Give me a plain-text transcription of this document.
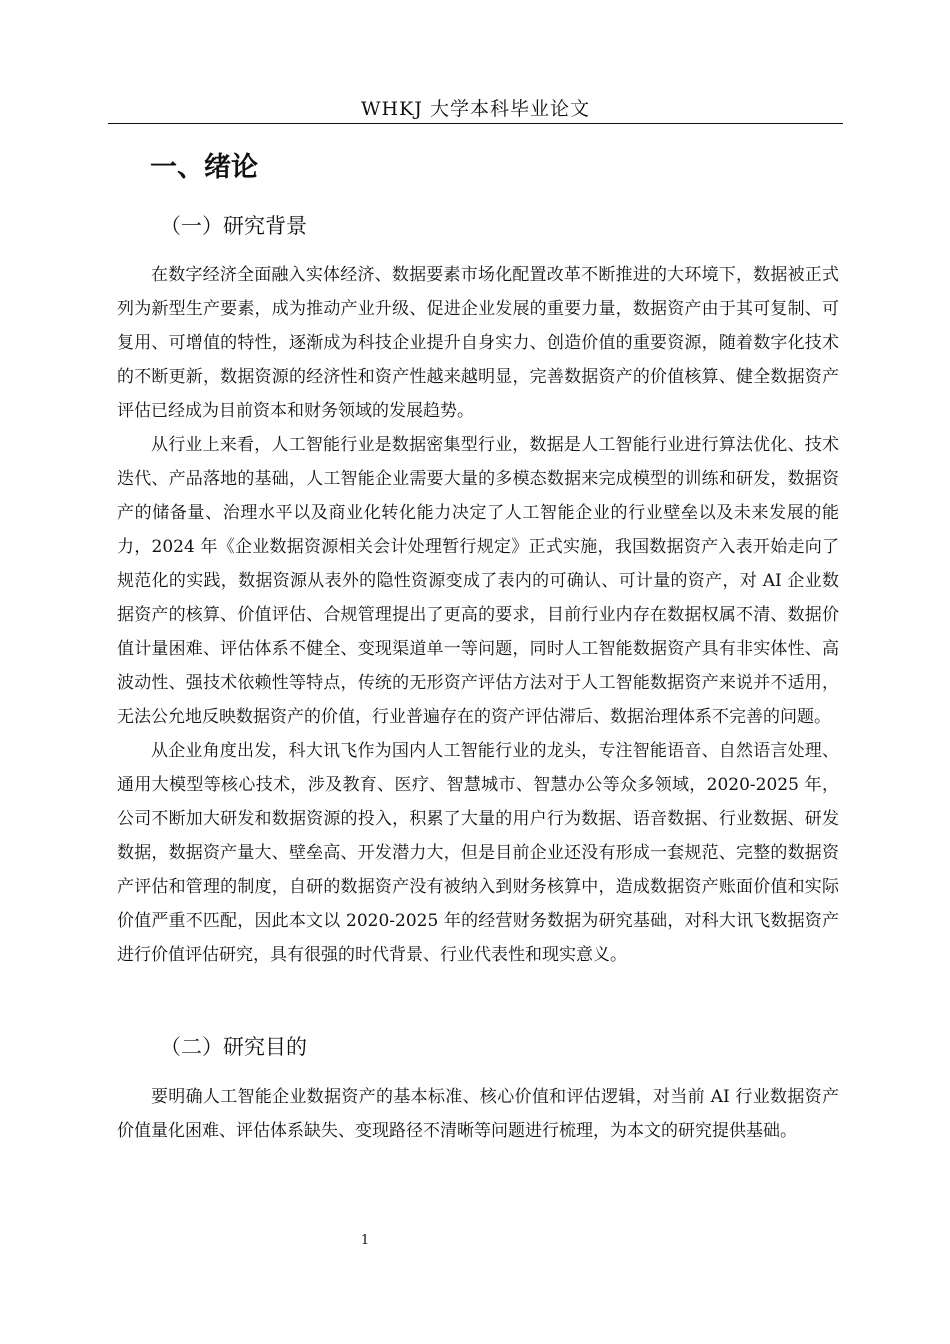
WHKJ 大学本科毕业论文
一、绪论
（一）研究背景

在数字经济全面融入实体经济、数据要素市场化配置改革不断推进的大环境下，数据被正式列为新型生产要素，成为推动产业升级、促进企业发展的重要力量，数据资产由于其可复制、可复用、可增值的特性，逐渐成为科技企业提升自身实力、创造价值的重要资源，随着数字化技术的不断更新，数据资源的经济性和资产性越来越明显，完善数据资产的价值核算、健全数据资产评估已经成为目前资本和财务领域的发展趋势。

从行业上来看，人工智能行业是数据密集型行业，数据是人工智能行业进行算法优化、技术迭代、产品落地的基础，人工智能企业需要大量的多模态数据来完成模型的训练和研发，数据资产的储备量、治理水平以及商业化转化能力决定了人工智能企业的行业壁垒以及未来发展的能力，2024 年《企业数据资源相关会计处理暂行规定》正式实施，我国数据资产入表开始走向了规范化的实践，数据资源从表外的隐性资源变成了表内的可确认、可计量的资产，对 AI 企业数据资产的核算、价值评估、合规管理提出了更高的要求，目前行业内存在数据权属不清、数据价值计量困难、评估体系不健全、变现渠道单一等问题，同时人工智能数据资产具有非实体性、高波动性、强技术依赖性等特点，传统的无形资产评估方法对于人工智能数据资产来说并不适用，无法公允地反映数据资产的价值，行业普遍存在的资产评估滞后、数据治理体系不完善的问题。

从企业角度出发，科大讯飞作为国内人工智能行业的龙头，专注智能语音、自然语言处理、通用大模型等核心技术，涉及教育、医疗、智慧城市、智慧办公等众多领域，2020-2025 年，公司不断加大研发和数据资源的投入，积累了大量的用户行为数据、语音数据、行业数据、研发数据，数据资产量大、壁垒高、开发潜力大，但是目前企业还没有形成一套规范、完整的数据资产评估和管理的制度，自研的数据资产没有被纳入到财务核算中，造成数据资产账面价值和实际价值严重不匹配，因此本文以 2020-2025 年的经营财务数据为研究基础，对科大讯飞数据资产进行价值评估研究，具有很强的时代背景、行业代表性和现实意义。

（二）研究目的

要明确人工智能企业数据资产的基本标准、核心价值和评估逻辑，对当前 AI 行业数据资产价值量化困难、评估体系缺失、变现路径不清晰等问题进行梳理，为本文的研究提供基础。

1
